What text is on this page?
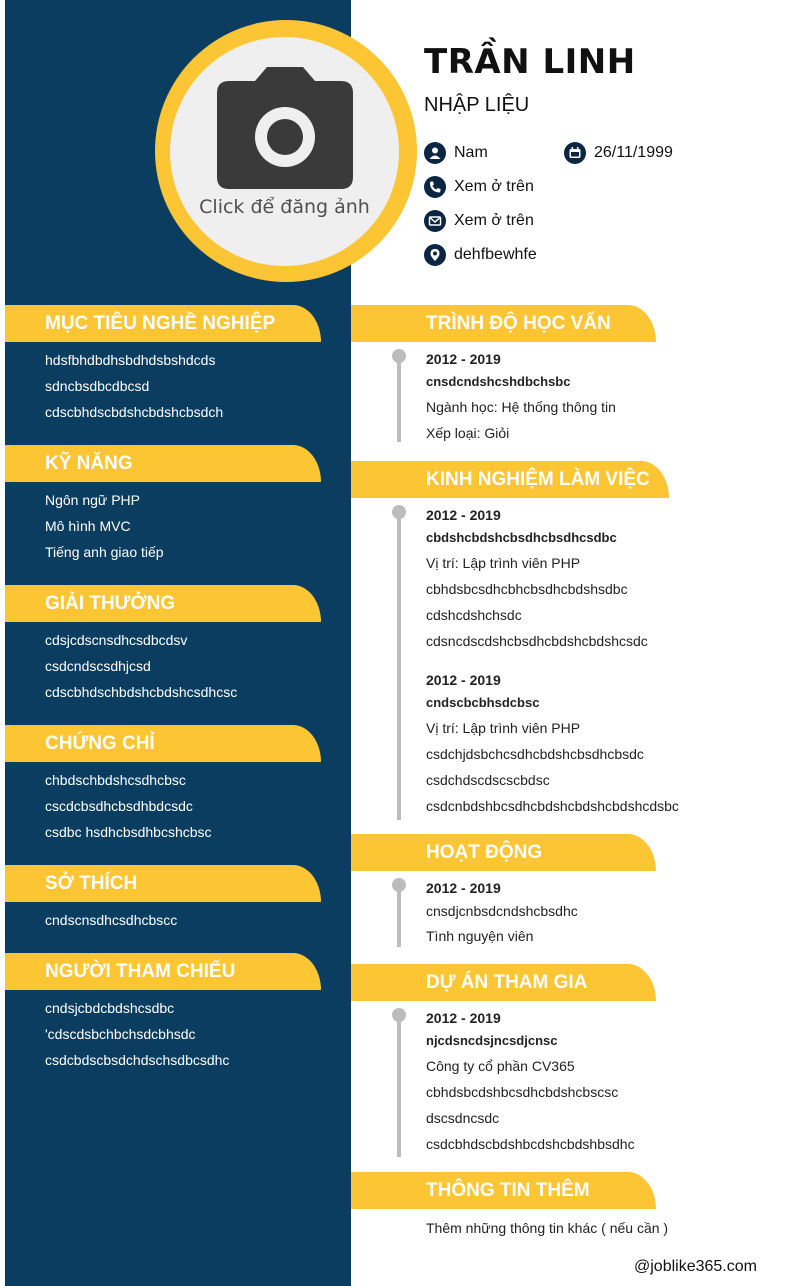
Click để đăng ảnh
TRẦN LINH
NHẬP LIỆU
Nam	26/11/1999
Xem ở trên
Xem ở trên
dehfbewhfe
MỤC TIÊU NGHỀ NGHIỆP
hdsfbhdbdhsbdhdsbshdcds
sdncbsdbcdbcsd
cdscbhdscbdshcbdshcbsdch
KỸ NĂNG
Ngôn ngữ PHP
Mô hình MVC
Tiếng anh giao tiếp
GIẢI THƯỞNG
cdsjcdscnsdhcsdbcdsv
csdcndscsdhjcsd
cdscbhdschbdshcbdshcsdhcsc
CHỨNG CHỈ
chbdschbdshcsdhcbsc
cscdcbsdhcbsdhbdcsdc
csdbc hsdhcbsdhbcshcbsc
SỞ THÍCH
cndscnsdhcsdhcbscc
NGƯỜI THAM CHIẾU
cndsjcbdcbdshcsdbc
'cdscdsbchbchsdcbhsdc
csdcbdscbsdchdschsdbcsdhc
TRÌNH ĐỘ HỌC VẤN
2012 - 2019
cnsdcndshcshdbchsbc
Ngành học: Hệ thống thông tin
Xếp loại: Giỏi
KINH NGHIỆM LÀM VIỆC
2012 - 2019
cbdshcbdshcbsdhcbsdhcsdbc
Vị trí: Lập trình viên PHP
cbhdsbcsdhcbhcbsdhcbdshsdbc
cdshcdshchsdc
cdsncdscdshcbsdhcbdshcbdshcsdc
2012 - 2019
cndscbcbhsdcbsc
Vị trí: Lập trình viên PHP
csdchjdsbchcsdhcbdshcbsdhcbsdc
csdchdscdscscbdsc
csdcnbdshbcsdhcbdshcbdshcbdshcdsbc
HOẠT ĐỘNG
2012 - 2019
cnsdjcnbsdcndshcbsdhc
Tình nguyện viên
DỰ ÁN THAM GIA
2012 - 2019
njcdsncdsjncsdjcnsc
Công ty cổ phần CV365
cbhdsbcdshbcsdhcbdshcbscsc
dscsdncsdc
csdcbhdscbdshbcdshcbdshbsdhc
THÔNG TIN THÊM
Thêm những thông tin khác ( nếu cần )
@joblike365.com
